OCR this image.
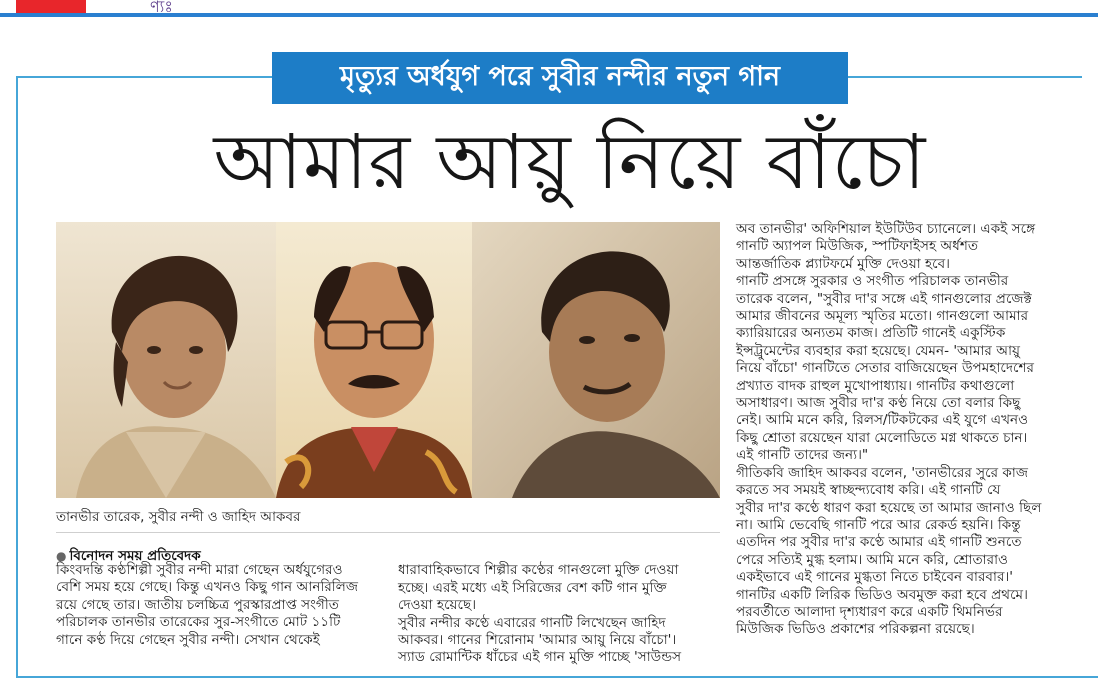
ণ্যঃ
মৃত্যুর অর্ধযুগ পরে সুবীর নন্দীর নতুন গান
আমার আয়ু নিয়ে বাঁচো
তানভীর তারেক, সুবীর নন্দী ও জাহিদ আকবর
● বিনোদন সময় প্রতিবেদক

কিংবদন্তি কণ্ঠশিল্পী সুবীর নন্দী মারা গেছেন অর্ধযুগেরও

বেশি সময় হয়ে গেছে। কিন্তু এখনও কিছু গান আনরিলিজ

রয়ে গেছে তার। জাতীয় চলচ্চিত্র পুরস্কারপ্রাপ্ত সংগীত

পরিচালক তানভীর তারেকের সুর-সংগীতে মোট ১১টি

গানে কণ্ঠ দিয়ে গেছেন সুবীর নন্দী। সেখান থেকেই

ধারাবাহিকভাবে শিল্পীর কণ্ঠের গানগুলো মুক্তি দেওয়া

হচ্ছে। এরই মধ্যে এই সিরিজের বেশ কটি গান মুক্তি

দেওয়া হয়েছে।

সুবীর নন্দীর কণ্ঠে এবারের গানটি লিখেছেন জাহিদ

আকবর। গানের শিরোনাম 'আমার আয়ু নিয়ে বাঁচো'।

স্যাড রোমান্টিক ধাঁচের এই গান মুক্তি পাচ্ছে 'সাউন্ডস

অব তানভীর' অফিশিয়াল ইউটিউব চ্যানেলে। একই সঙ্গে

গানটি অ্যাপল মিউজিক, স্পটিফাইসহ অর্ধশত

আন্তর্জাতিক প্ল্যাটফর্মে মুক্তি দেওয়া হবে।

গানটি প্রসঙ্গে সুরকার ও সংগীত পরিচালক তানভীর

তারেক বলেন, "সুবীর দা'র সঙ্গে এই গানগুলোর প্রজেক্ট

আমার জীবনের অমূল্য স্মৃতির মতো। গানগুলো আমার

ক্যারিয়ারের অন্যতম কাজ। প্রতিটি গানেই একুস্টিক

ইন্সট্রুমেন্টের ব্যবহার করা হয়েছে। যেমন- 'আমার আয়ু

নিয়ে বাঁচো' গানটিতে সেতার বাজিয়েছেন উপমহাদেশের

প্রখ্যাত বাদক রাহুল মুখোপাধ্যায়। গানটির কথাগুলো

অসাধারণ। আজ সুবীর দা'র কণ্ঠ নিয়ে তো বলার কিছু

নেই। আমি মনে করি, রিলস/টিকটকের এই যুগে এখনও

কিছু শ্রোতা রয়েছেন যারা মেলোডিতে মগ্ন থাকতে চান।

এই গানটি তাদের জন্য।"

গীতিকবি জাহিদ আকবর বলেন, 'তানভীরের সুরে কাজ

করতে সব সময়ই স্বাচ্ছন্দ্যবোধ করি। এই গানটি যে

সুবীর দা'র কণ্ঠে ধারণ করা হয়েছে তা আমার জানাও ছিল

না। আমি ভেবেছি গানটি পরে আর রেকর্ড হয়নি। কিন্তু

এতদিন পর সুবীর দা'র কণ্ঠে আমার এই গানটি শুনতে

পেরে সত্যিই মুগ্ধ হলাম। আমি মনে করি, শ্রোতারাও

একইভাবে এই গানের মুগ্ধতা নিতে চাইবেন বারবার।'

গানটির একটি লিরিক ভিডিও অবমুক্ত করা হবে প্রথমে।

পরবর্তীতে আলাদা দৃশ্যধারণ করে একটি থিমনির্ভর

মিউজিক ভিডিও প্রকাশের পরিকল্পনা রয়েছে।
